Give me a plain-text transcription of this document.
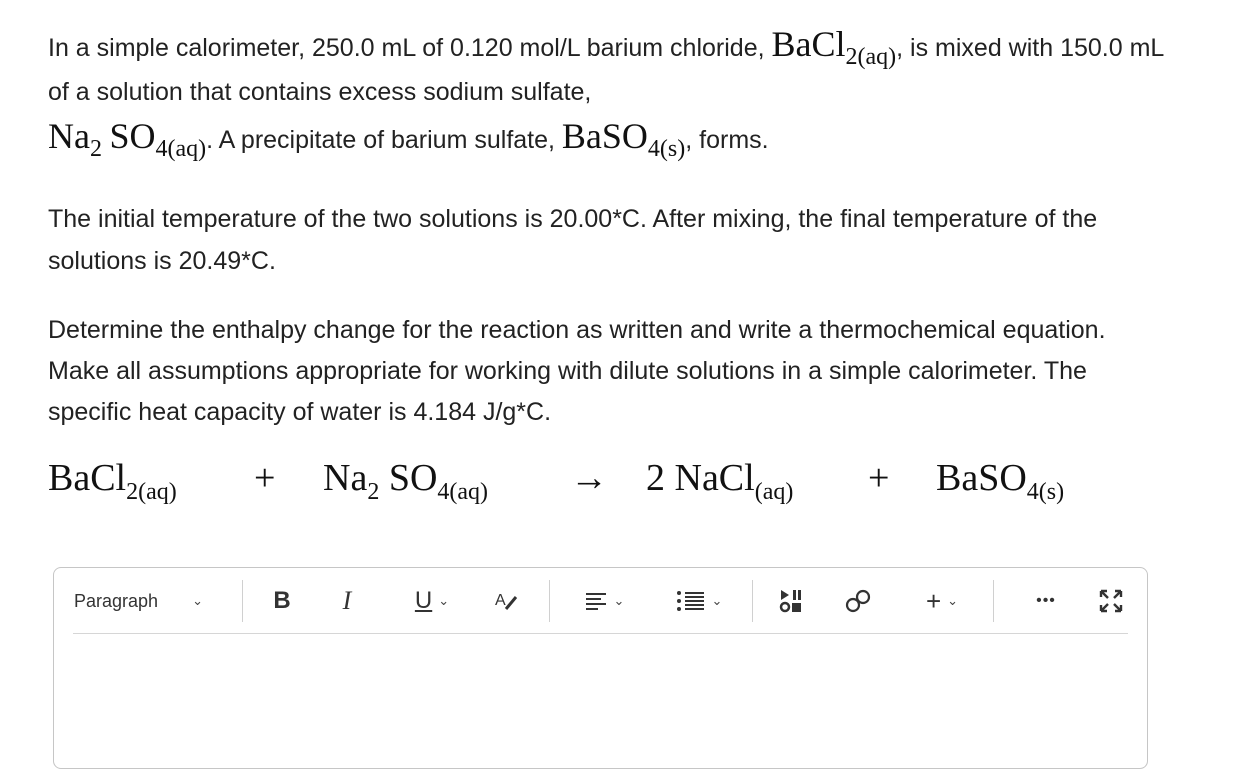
In a simple calorimeter, 250.0 mL of 0.120 mol/L barium chloride, BaCl$_{2(aq)}$, is mixed with 150.0 mL of a solution that contains excess sodium sulfate,
$Na_2$ $SO_{4(aq)}$. A precipitate of barium sulfate, BaSO$_{4(s)}$, forms.
The initial temperature of the two solutions is 20.00*C. After mixing, the final temperature of the solutions is 20.49*C.
Determine the enthalpy change for the reaction as written and write a thermochemical equation. Make all assumptions appropriate for working with dilute solutions in a simple calorimeter. The specific heat capacity of water is 4.184 J/g*C.
BaCl$_{2(aq)}$ + $Na_2$ $SO_{4(aq)} \to 2$ NaCl$_{(aq)}$ + BaSO$_{4(s)}$
Paragraph	⌄	B	I	U ⌄	A	⌄	⌄	+ ⌄	•••
